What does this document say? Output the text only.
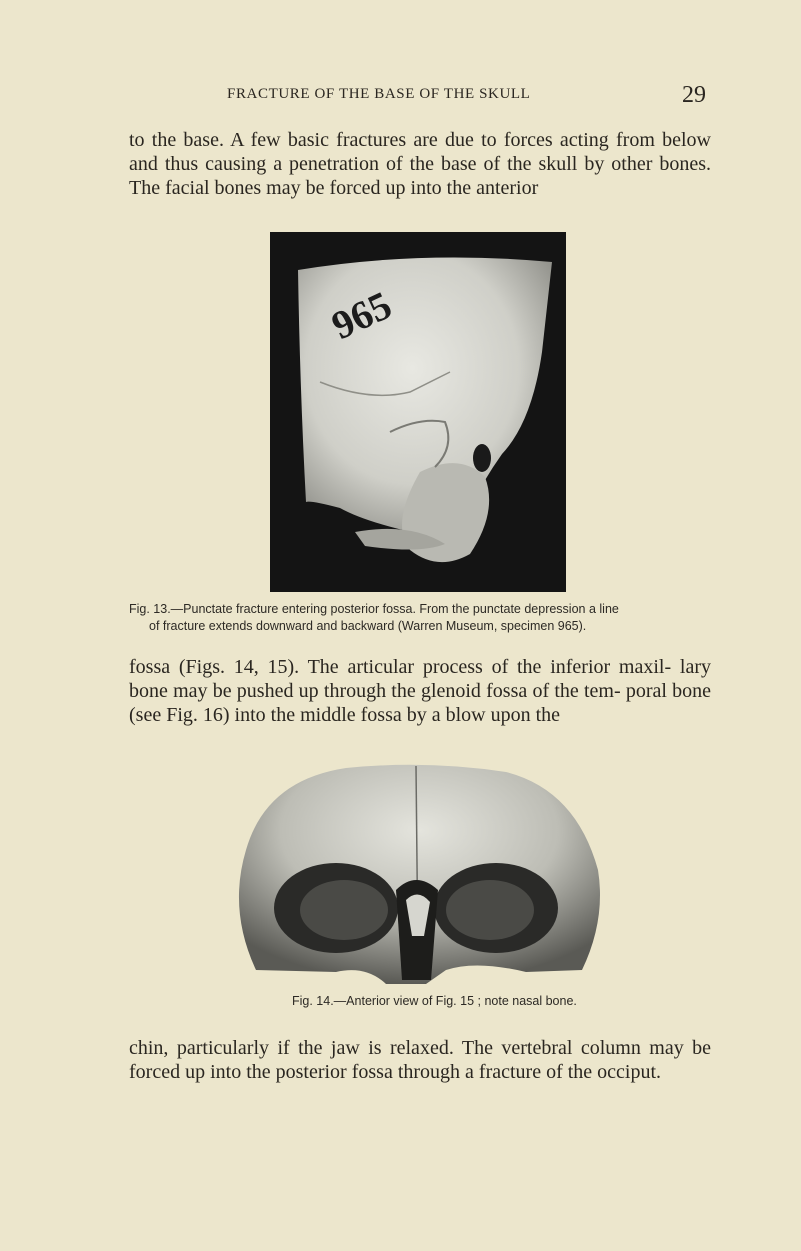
FRACTURE OF THE BASE OF THE SKULL	29

to the base. A few basic fractures are due to forces acting from below and thus causing a penetration of the base of the skull by other bones. The facial bones may be forced up into the anterior

965

Fig. 13.—Punctate fracture entering posterior fossa. From the punctate depression a line
of fracture extends downward and backward (Warren Museum, specimen 965).

fossa (Figs. 14, 15). The articular process of the inferior maxil- lary bone may be pushed up through the glenoid fossa of the tem- poral bone (see Fig. 16) into the middle fossa by a blow upon the

Fig. 14.—Anterior view of Fig. 15 ; note nasal bone.

chin, particularly if the jaw is relaxed. The vertebral column may be forced up into the posterior fossa through a fracture of the occiput.
